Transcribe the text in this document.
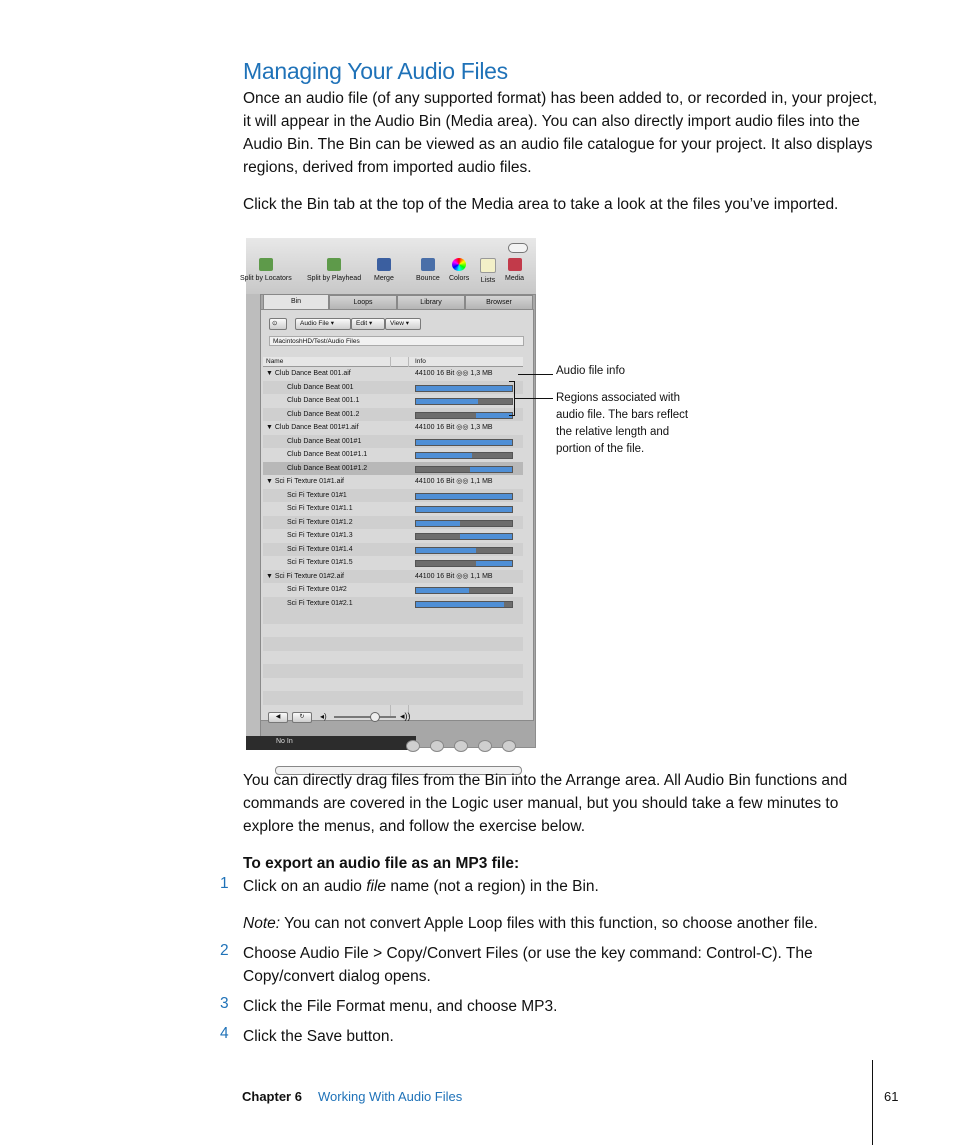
Managing Your Audio Files
Once an audio file (of any supported format) has been added to, or recorded in, your project, it will appear in the Audio Bin (Media area). You can also directly import audio files into the Audio Bin. The Bin can be viewed as an audio file catalogue for your project. It also displays regions, derived from imported audio files.
Click the Bin tab at the top of the Media area to take a look at the files you’ve imported.
Split by Locators Split by Playhead Merge	Bounce Colors Lists Media
Bin	Loops	Library	Browser
⊙	Audio File ▾	Edit ▾	View ▾
MacintoshHD/Test/Audio Files
Name	Info
▼ Club Dance Beat 001.aif	44100 16 Bit ◎◎ 1,3 MB
Club Dance Beat 001
Club Dance Beat 001.1
Club Dance Beat 001.2
▼ Club Dance Beat 001#1.aif	44100 16 Bit ◎◎ 1,3 MB
Club Dance Beat 001#1
Club Dance Beat 001#1.1
Club Dance Beat 001#1.2
▼ Sci Fi Texture 01#1.aif	44100 16 Bit ◎◎ 1,1 MB
Sci Fi Texture 01#1
Sci Fi Texture 01#1.1
Sci Fi Texture 01#1.2
Sci Fi Texture 01#1.3
Sci Fi Texture 01#1.4
Sci Fi Texture 01#1.5
▼ Sci Fi Texture 01#2.aif	44100 16 Bit ◎◎ 1,1 MB
Sci Fi Texture 01#2
Sci Fi Texture 01#2.1
◀	↻	◂)	◂))
No In
Audio file info
Regions associated with
audio file. The bars reflect
the relative length and
portion of the file.
You can directly drag files from the Bin into the Arrange area. All Audio Bin functions and commands are covered in the Logic user manual, but you should take a few minutes to explore the menus, and follow the exercise below.
To export an audio file as an MP3 file:
1 Click on an audio file name (not a region) in the Bin.
Note: You can not convert Apple Loop files with this function, so choose another file.
2 Choose Audio File > Copy/Convert Files (or use the key command: Control-C). The Copy/convert dialog opens.
3 Click the File Format menu, and choose MP3.
4 Click the Save button.
Chapter 6 Working With Audio Files	61
